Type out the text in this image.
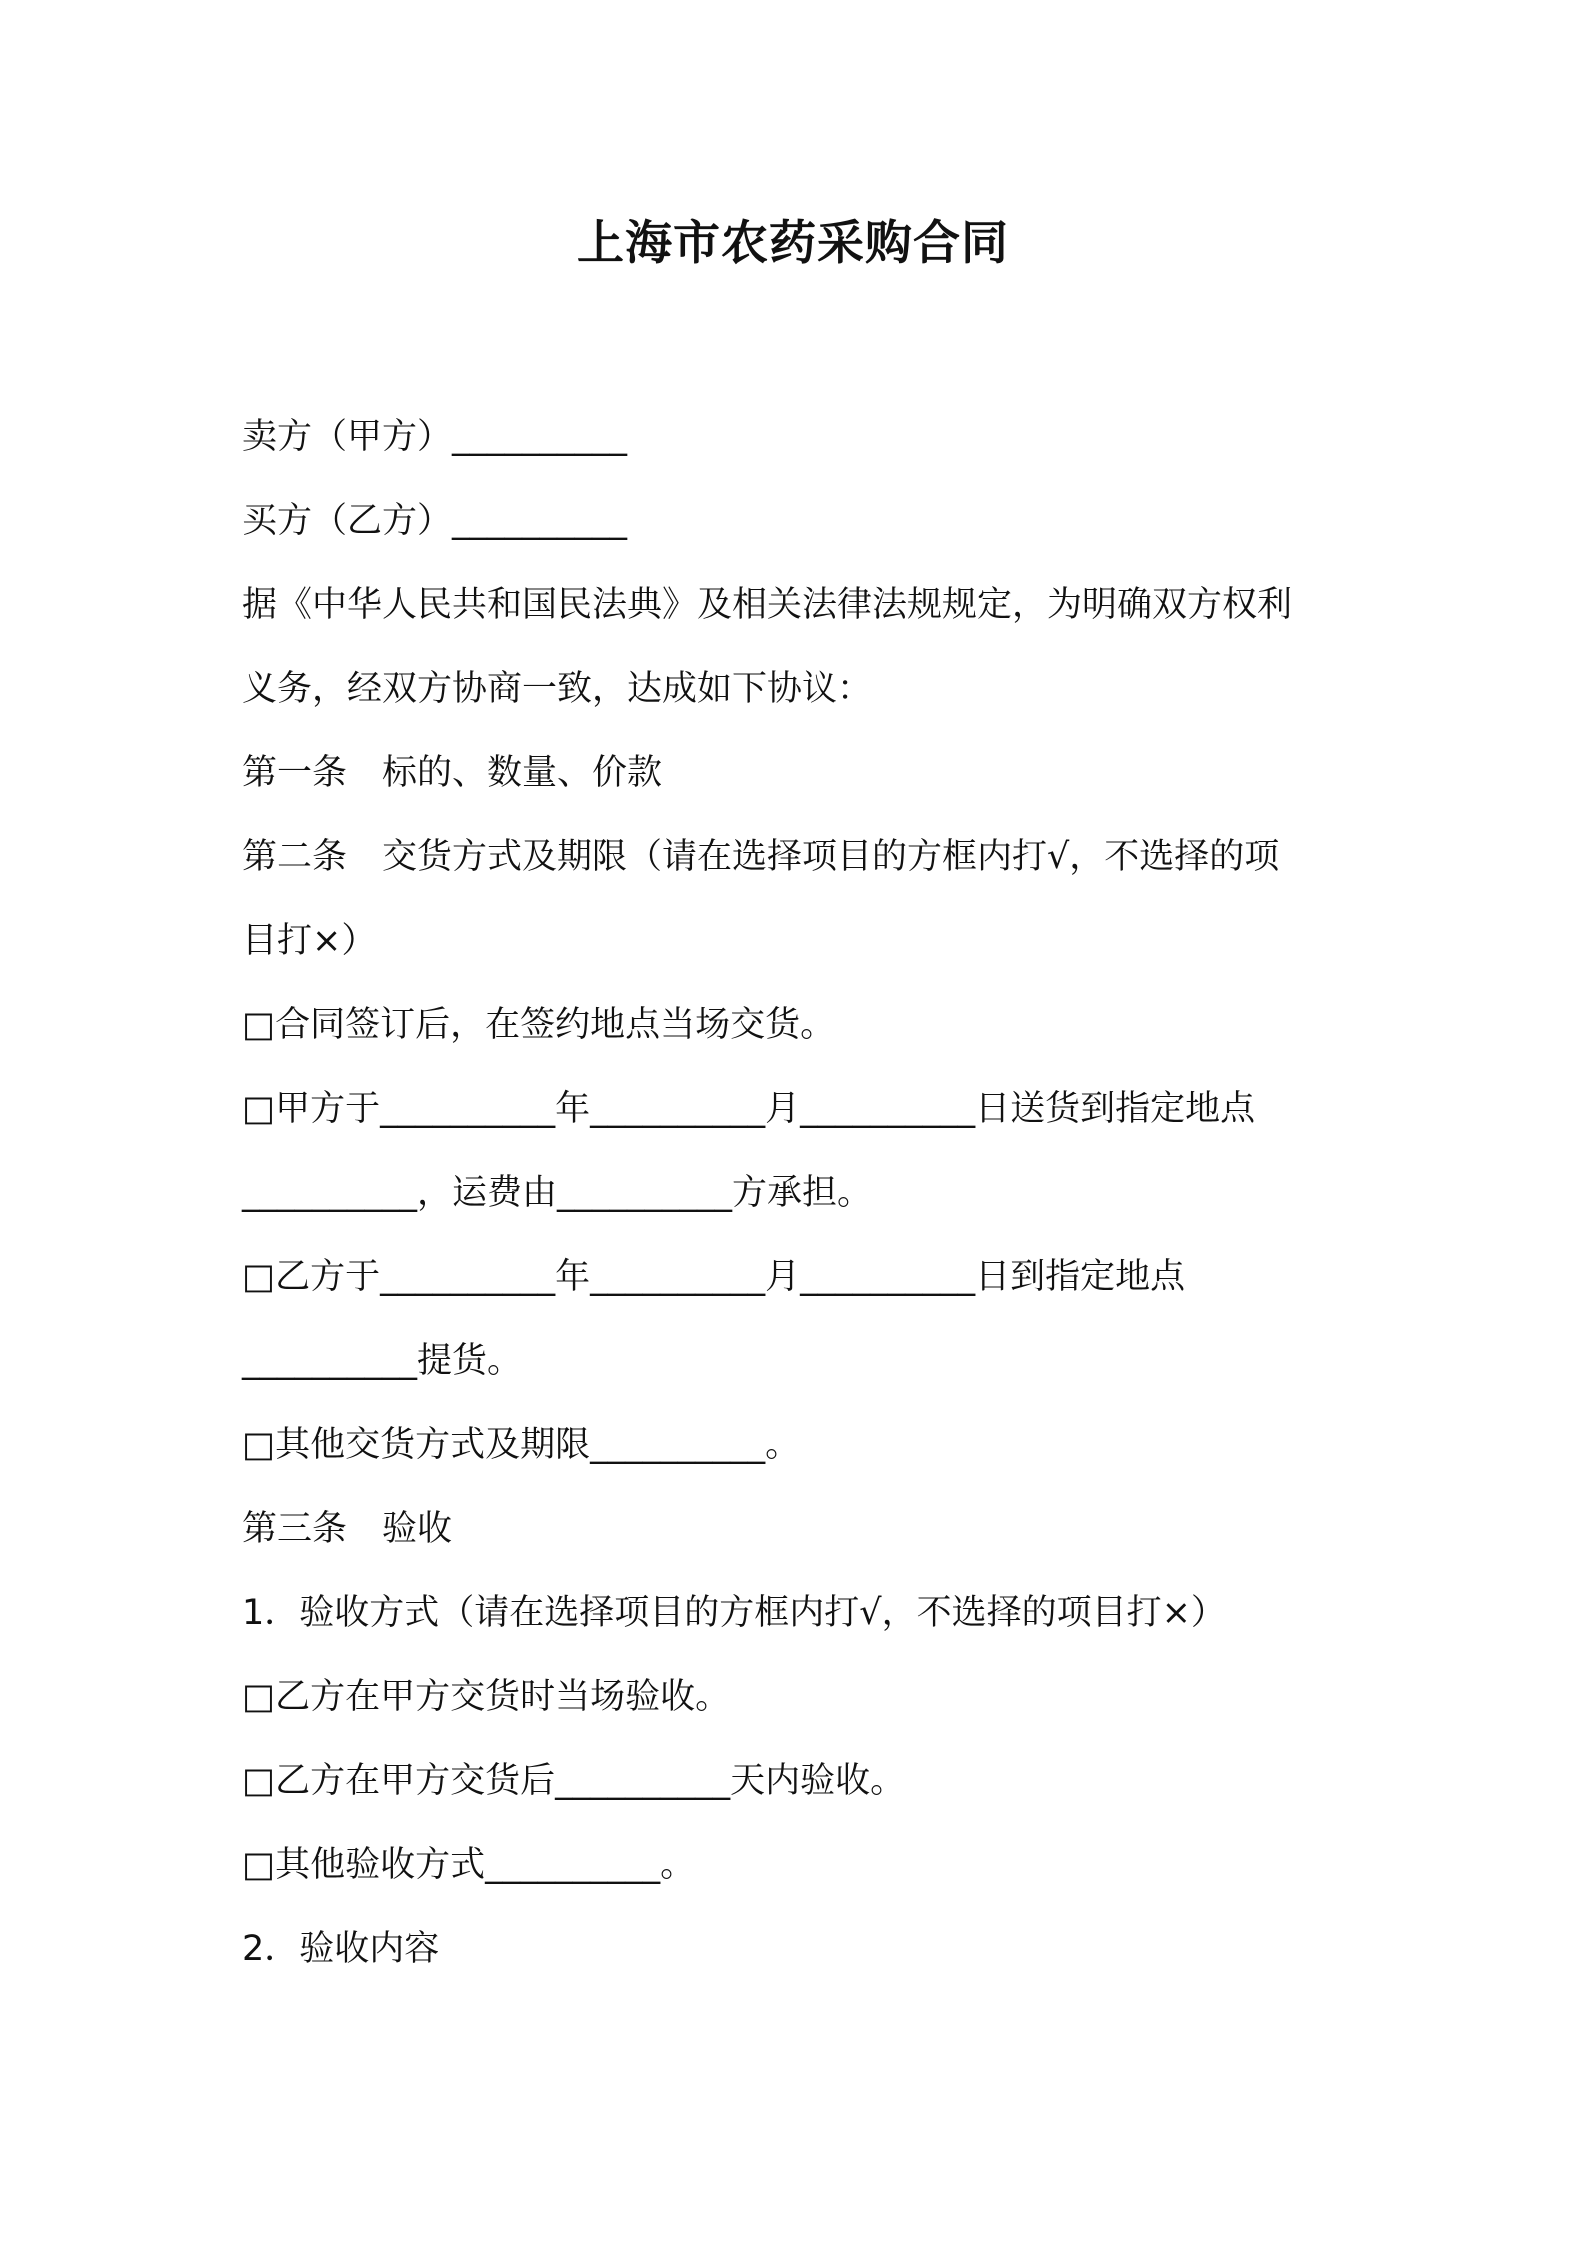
上海市农药采购合同
卖方（甲方）__________
买方（乙方）__________
据《中华人民共和国民法典》及相关法律法规规定，为明确双方权利
义务，经双方协商一致，达成如下协议：
第一条　标的、数量、价款
第二条　交货方式及期限（请在选择项目的方框内打√，不选择的项
目打×）
□合同签订后，在签约地点当场交货。
□甲方于__________年__________月__________日送货到指定地点
__________，运费由__________方承担。
□乙方于__________年__________月__________日到指定地点
__________提货。
□其他交货方式及期限__________。
第三条　验收
1．验收方式（请在选择项目的方框内打√，不选择的项目打×）
□乙方在甲方交货时当场验收。
□乙方在甲方交货后__________天内验收。
□其他验收方式__________。
2．验收内容
